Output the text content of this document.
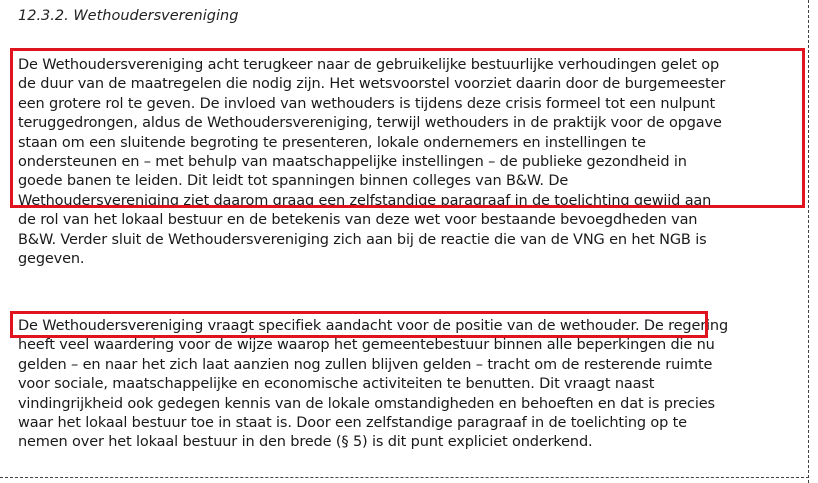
12.3.2. Wethoudersvereniging
De Wethoudersvereniging acht terugkeer naar de gebruikelijke bestuurlijke verhoudingen gelet op
de duur van de maatregelen die nodig zijn. Het wetsvoorstel voorziet daarin door de burgemeester
een grotere rol te geven. De invloed van wethouders is tijdens deze crisis formeel tot een nulpunt
teruggedrongen, aldus de Wethoudersvereniging, terwijl wethouders in de praktijk voor de opgave
staan om een sluitende begroting te presenteren, lokale ondernemers en instellingen te
ondersteunen en – met behulp van maatschappelijke instellingen – de publieke gezondheid in
goede banen te leiden. Dit leidt tot spanningen binnen colleges van B&W. De
Wethoudersvereniging ziet daarom graag een zelfstandige paragraaf in de toelichting gewijd aan
de rol van het lokaal bestuur en de betekenis van deze wet voor bestaande bevoegdheden van
B&W. Verder sluit de Wethoudersvereniging zich aan bij de reactie die van de VNG en het NGB is
gegeven.
De Wethoudersvereniging vraagt specifiek aandacht voor de positie van de wethouder. De regering
heeft veel waardering voor de wijze waarop het gemeentebestuur binnen alle beperkingen die nu
gelden – en naar het zich laat aanzien nog zullen blijven gelden – tracht om de resterende ruimte
voor sociale, maatschappelijke en economische activiteiten te benutten. Dit vraagt naast
vindingrijkheid ook gedegen kennis van de lokale omstandigheden en behoeften en dat is precies
waar het lokaal bestuur toe in staat is. Door een zelfstandige paragraaf in de toelichting op te
nemen over het lokaal bestuur in den brede (§ 5) is dit punt expliciet onderkend.
